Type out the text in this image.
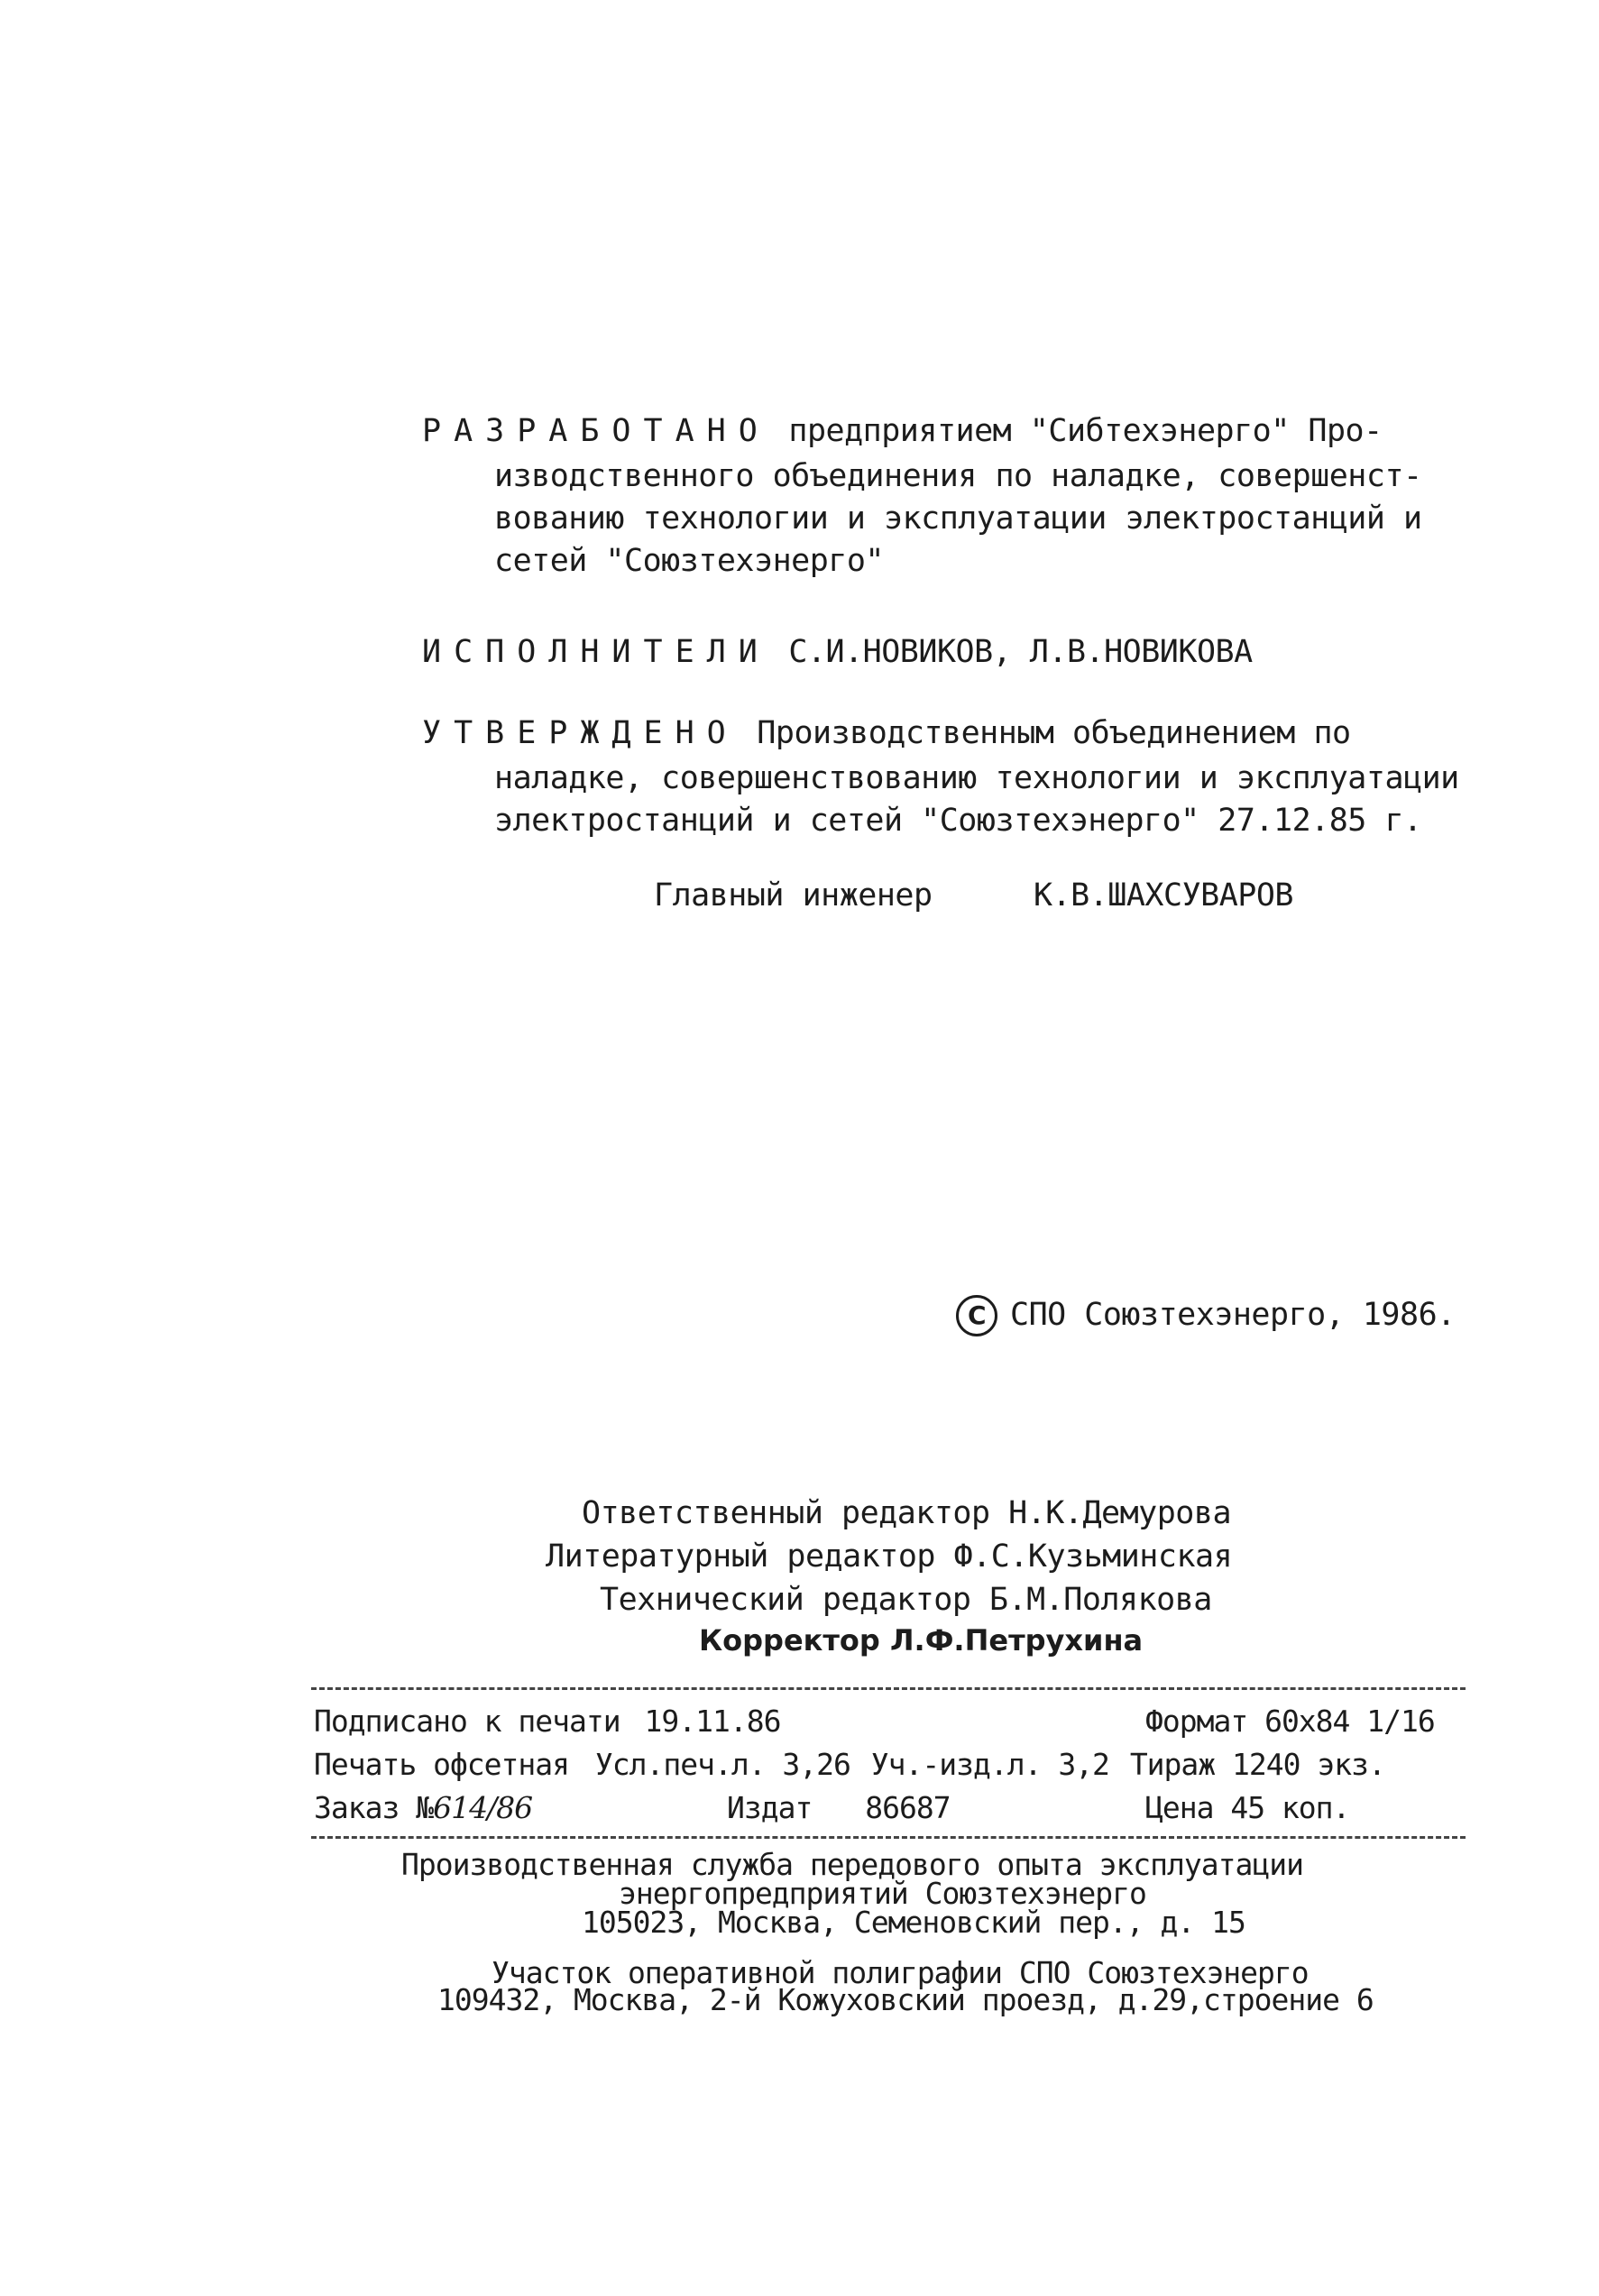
РАЗРАБОТАНО предприятием "Сибтехэнерго" Про-
изводственного объединения по наладке, совершенст-
вованию технологии и эксплуатации электростанций и
сетей "Союзтехэнерго"
ИСПОЛНИТЕЛИ С.И.НОВИКОВ, Л.В.НОВИКОВА
УТВЕРЖДЕНО Производственным объединением по
наладке, совершенствованию технологии и эксплуатации
электростанций и сетей "Союзтехэнерго" 27.12.85 г.
Главный инженер	К.В.ШАХСУВАРОВ
C СПО Союзтехэнерго, 1986.
Ответственный редактор Н.К.Демурова
Литературный редактор Ф.С.Кузьминская
Технический редактор Б.М.Полякова
Корректор Л.Ф.Петрухина
Подписано к печати 19.11.86	Формат 60х84 1/16
Печать офсетная Усл.печ.л. 3,26 Уч.-изд.л. 3,2 Тираж 1240 экз.
Заказ №614/86	Издат 86687	Цена 45 коп.
Производственная служба передового опыта эксплуатации
энергопредприятий Союзтехэнерго
105023, Москва, Семеновский пер., д. 15
Участок оперативной полиграфии СПО Союзтехэнерго
109432, Москва, 2-й Кожуховский проезд, д.29,строение 6
